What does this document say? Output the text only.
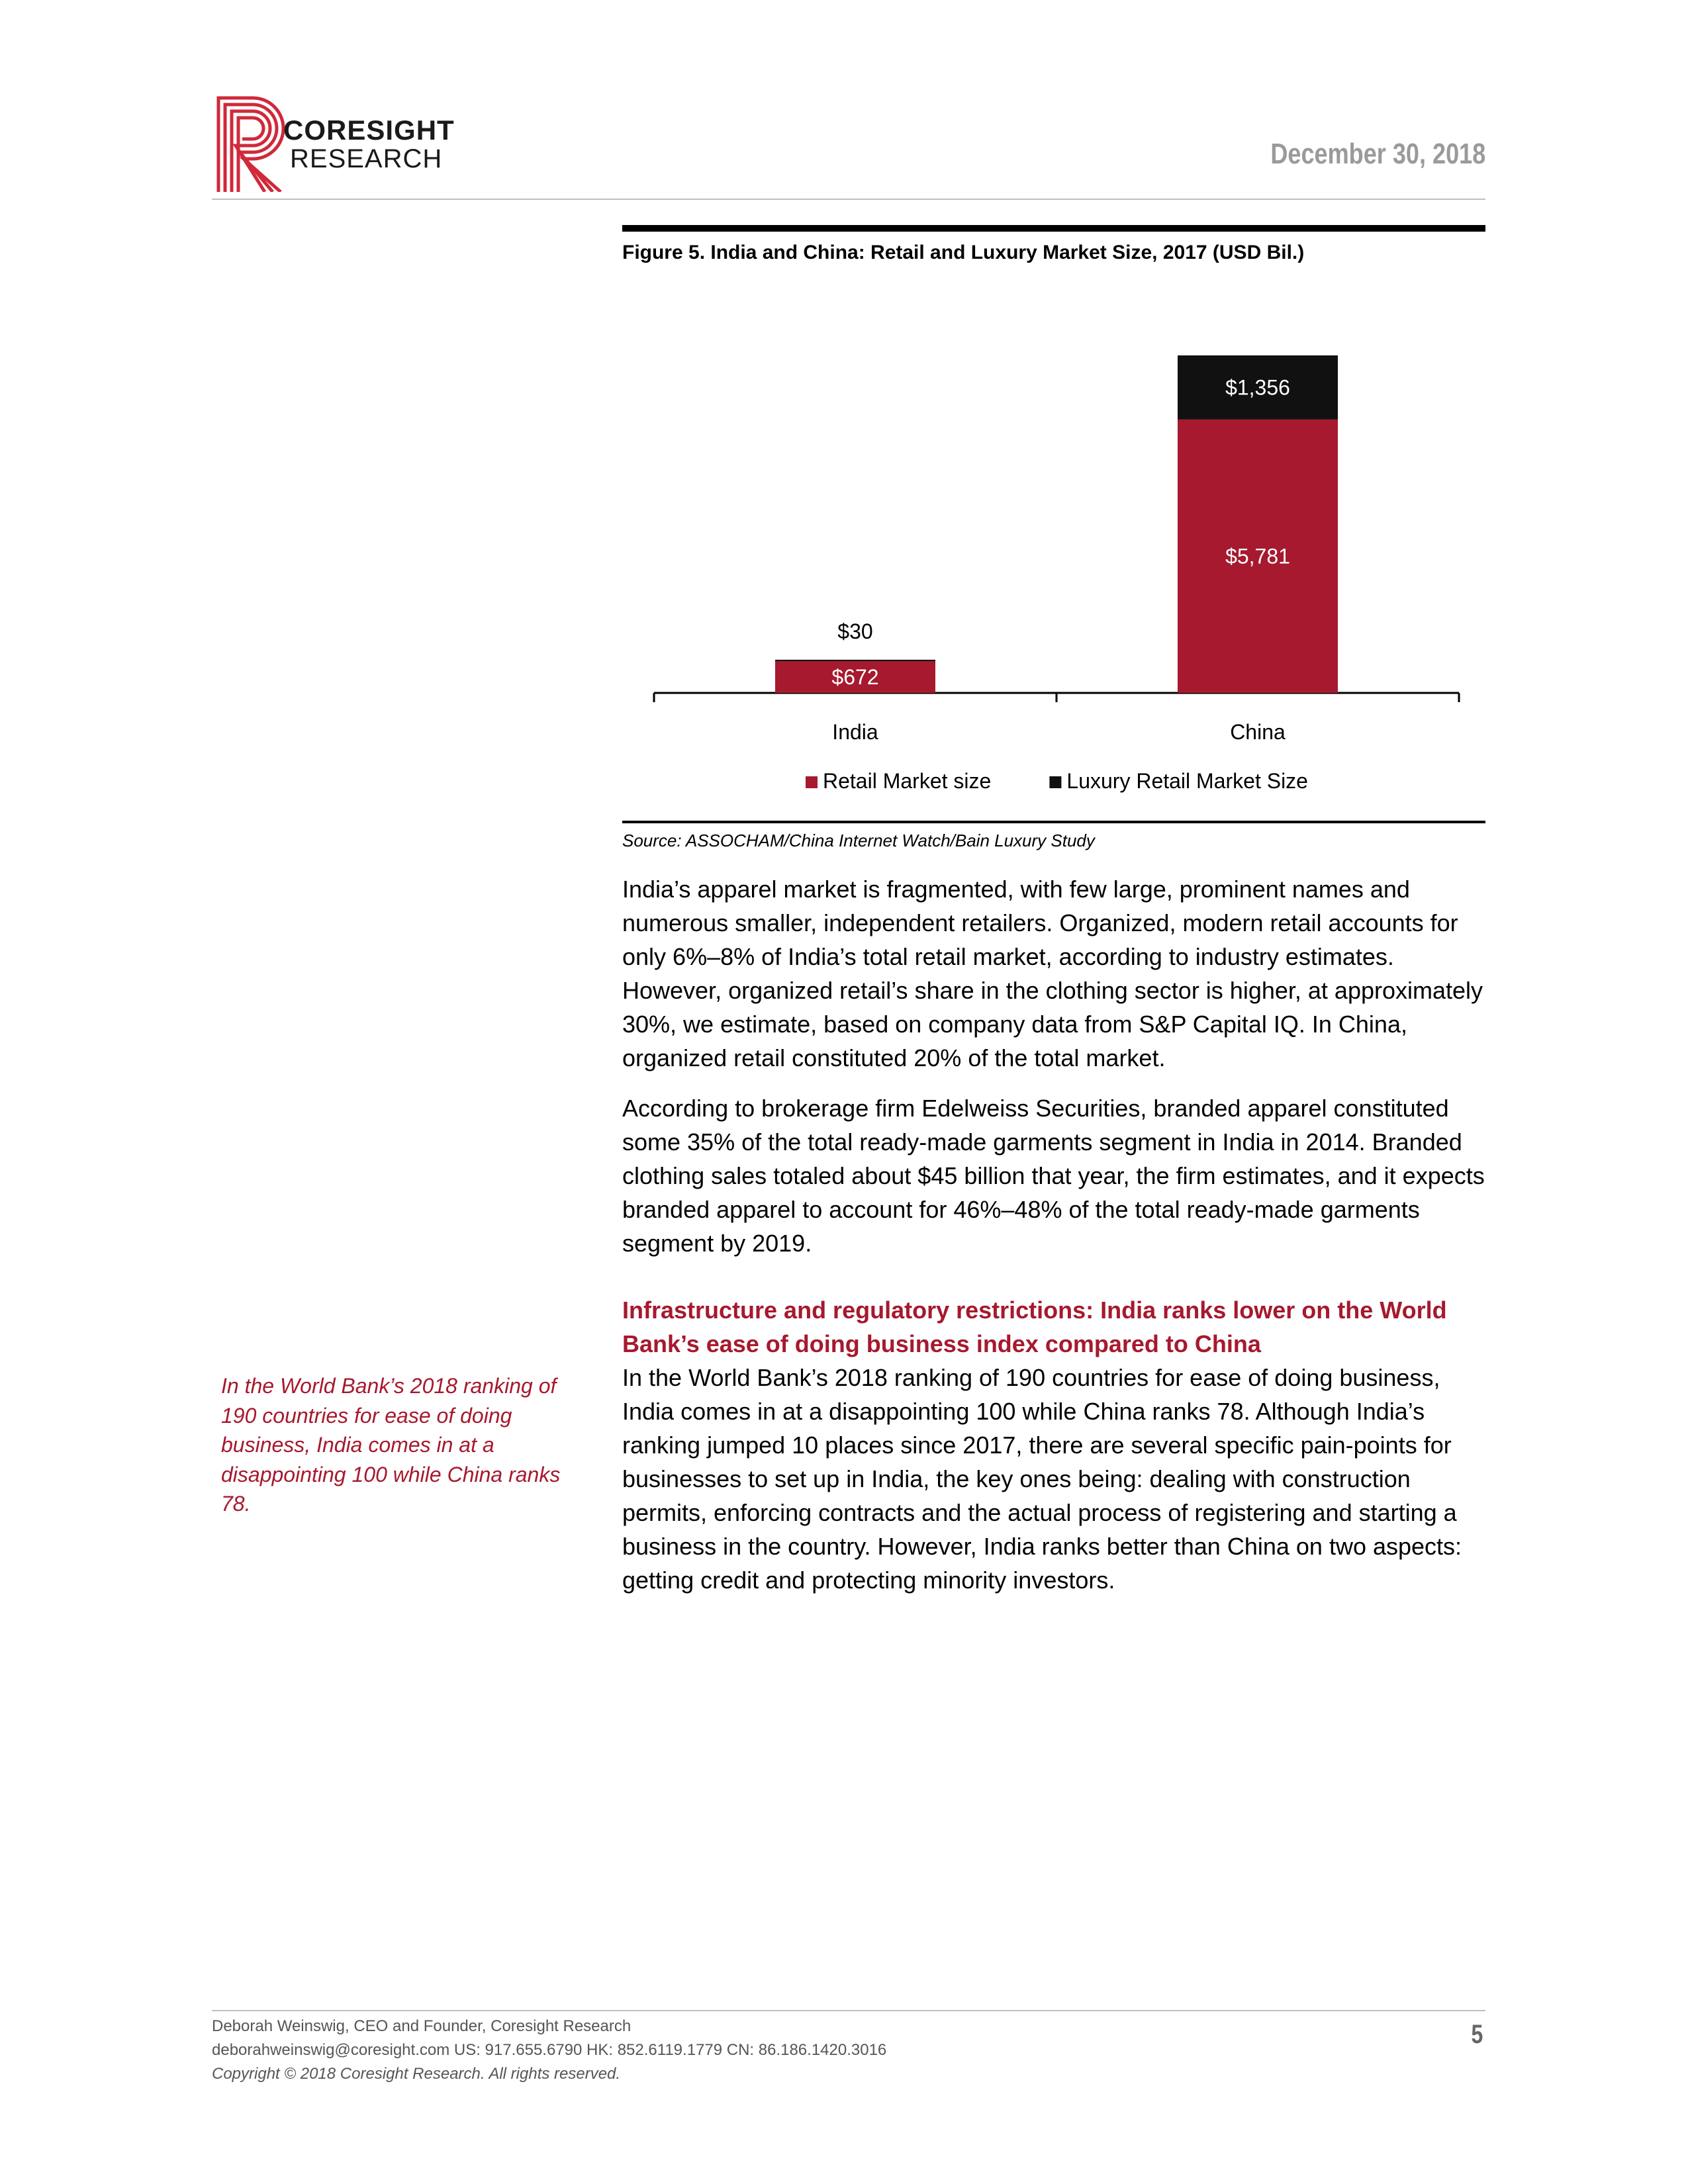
CORESIGHT
RESEARCH	December 30, 2018
Figure 5. India and China: Retail and Luxury Market Size, 2017 (USD Bil.)
$672
$30
India
$5,781
$1,356
China
Retail Market size	Luxury Retail Market Size
Source: ASSOCHAM/China Internet Watch/Bain Luxury Study
India’s apparel market is fragmented, with few large, prominent names and numerous smaller, independent retailers. Organized, modern retail accounts for only 6%–8% of India’s total retail market, according to industry estimates. However, organized retail’s share in the clothing sector is higher, at approximately 30%, we estimate, based on company data from S&P Capital IQ. In China, organized retail constituted 20% of the total market.
According to brokerage firm Edelweiss Securities, branded apparel constituted some 35% of the total ready-made garments segment in India in 2014. Branded clothing sales totaled about $45 billion that year, the firm estimates, and it expects branded apparel to account for 46%–48% of the total ready-made garments segment by 2019.
Infrastructure and regulatory restrictions: India ranks lower on the World Bank’s ease of doing business index compared to China
In the World Bank’s 2018 ranking of 190 countries for ease of doing business, India comes in at a disappointing 100 while China ranks 78. Although India’s ranking jumped 10 places since 2017, there are several specific pain-points for businesses to set up in India, the key ones being: dealing with construction permits, enforcing contracts and the actual process of registering and starting a business in the country. However, India ranks better than China on two aspects: getting credit and protecting minority investors.
In the World Bank’s 2018 ranking of 190 countries for ease of doing business, India comes in at a disappointing 100 while China ranks 78.
Deborah Weinswig, CEO and Founder, Coresight Research
deborahweinswig@coresight.com US: 917.655.6790 HK: 852.6119.1779 CN: 86.186.1420.3016
Copyright © 2018 Coresight Research. All rights reserved.
5
